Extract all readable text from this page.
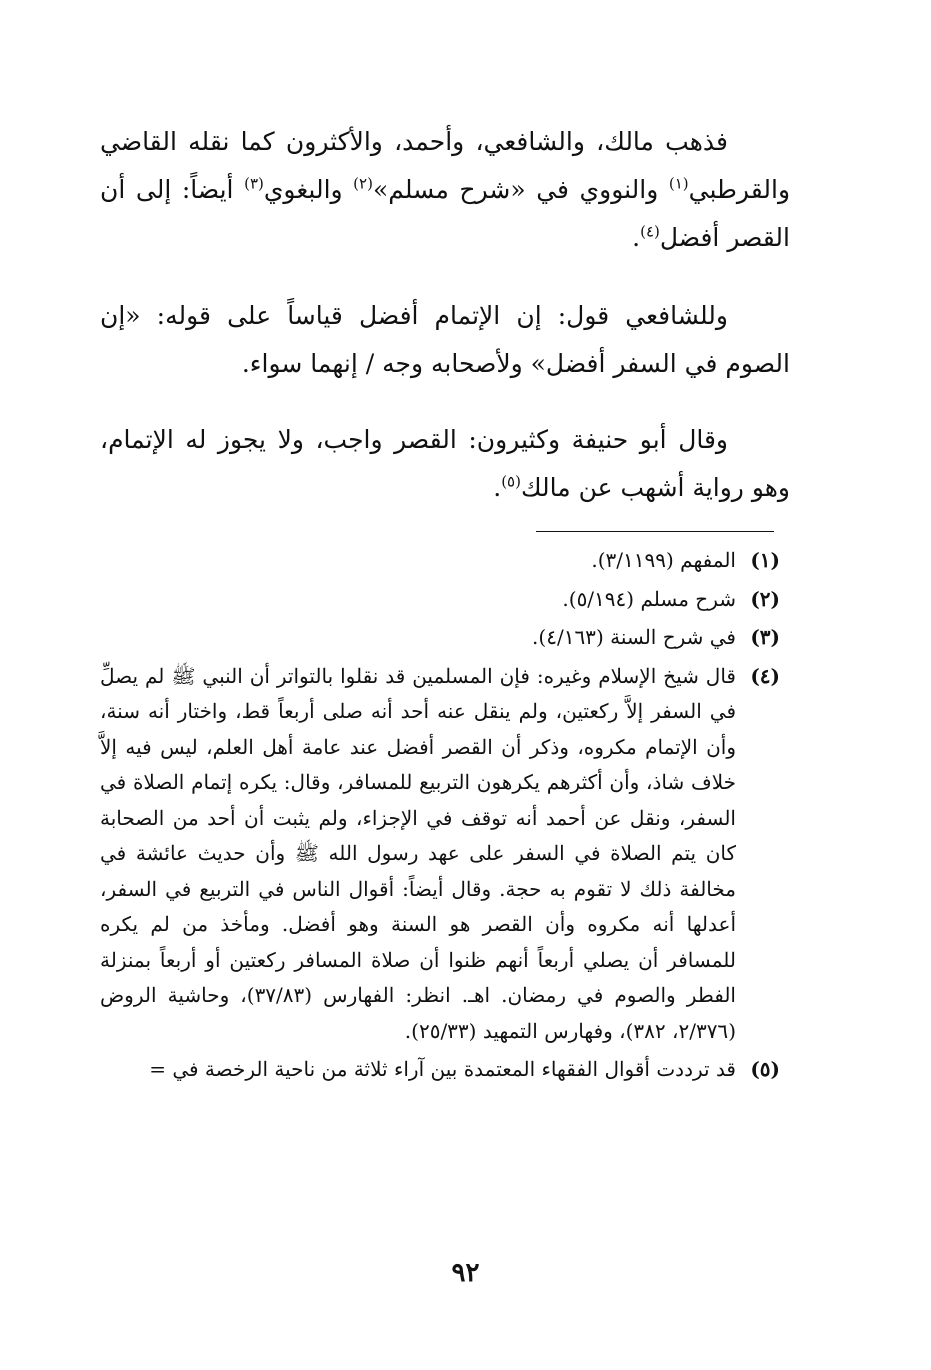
فذهب مالك، والشافعي، وأحمد، والأكثرون كما نقله القاضي والقرطبي$^{(١)}$ والنووي في «شرح مسلم»$^{(٢)}$ والبغوي$^{(٣)}$ أيضاً: إلى أن القصر أفضل$^{(٤)}$.

وللشافعي قول: إن الإتمام أفضل قياساً على قوله: «إن الصوم في السفر أفضل» ولأصحابه وجه / إنهما سواء.

وقال أبو حنيفة وكثيرون: القصر واجب، ولا يجوز له الإتمام، وهو رواية أشهب عن مالك$^{(٥)}$.

(١)
المفهم (٣/١١٩٩).
(٢)
شرح مسلم (٥/١٩٤).
(٣)
في شرح السنة (٤/١٦٣).
(٤)
قال شيخ الإسلام وغيره: فإن المسلمين قد نقلوا بالتواتر أن النبي ﷺ لم يصلِّ في السفر إلاَّ ركعتين، ولم ينقل عنه أحد أنه صلى أربعاً قط، واختار أنه سنة، وأن الإتمام مكروه، وذكر أن القصر أفضل عند عامة أهل العلم، ليس فيه إلاَّ خلاف شاذ، وأن أكثرهم يكرهون التربيع للمسافر، وقال: يكره إتمام الصلاة في السفر، ونقل عن أحمد أنه توقف في الإجزاء، ولم يثبت أن أحد من الصحابة كان يتم الصلاة في السفر على عهد رسول الله ﷺ وأن حديث عائشة في مخالفة ذلك لا تقوم به حجة. وقال أيضاً: أقوال الناس في التربيع في السفر، أعدلها أنه مكروه وأن القصر هو السنة وهو أفضل. ومأخذ من لم يكره للمسافر أن يصلي أربعاً أنهم ظنوا أن صلاة المسافر ركعتين أو أربعاً بمنزلة الفطر والصوم في رمضان. اهـ. انظر: الفهارس (٣٧/٨٣)، وحاشية الروض (٢/٣٧٦، ٣٨٢)، وفهارس التمهيد (٢٥/٣٣).
(٥)
قد ترددت أقوال الفقهاء المعتمدة بين آراء ثلاثة من ناحية الرخصة في =
٩٢
